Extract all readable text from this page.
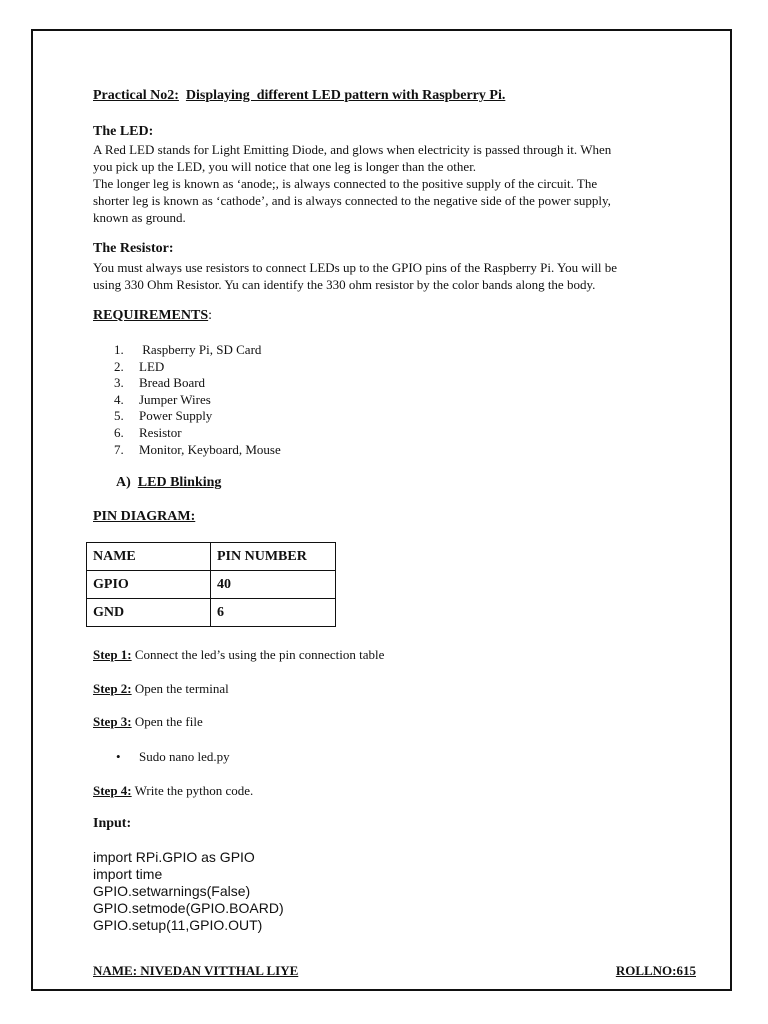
Practical No2: Displaying  different LED pattern with Raspberry Pi.
The LED:
A Red LED stands for Light Emitting Diode, and glows when electricity is passed through it. When
you pick up the LED, you will notice that one leg is longer than the other.
The longer leg is known as ‘anode;, is always connected to the positive supply of the circuit. The
shorter leg is known as ‘cathode’, and is always connected to the negative side of the power supply,
known as ground.
The Resistor:
You must always use resistors to connect LEDs up to the GPIO pins of the Raspberry Pi. You will be
using 330 Ohm Resistor. Yu can identify the 330 ohm resistor by the color bands along the body.
REQUIREMENTS:
1. Raspberry Pi, SD Card
2. LED
3. Bread Board
4. Jumper Wires
5. Power Supply
6. Resistor
7. Monitor, Keyboard, Mouse
A) LED Blinking
PIN DIAGRAM:
NAME	PIN NUMBER
GPIO	40
GND	6
Step 1: Connect the led’s using the pin connection table
Step 2: Open the terminal
Step 3: Open the file
• Sudo nano led.py
Step 4: Write the python code.
Input:
import RPi.GPIO as GPIO
import time
GPIO.setwarnings(False)
GPIO.setmode(GPIO.BOARD)
GPIO.setup(11,GPIO.OUT)
NAME: NIVEDAN VITTHAL LIYE	ROLLNO:615
